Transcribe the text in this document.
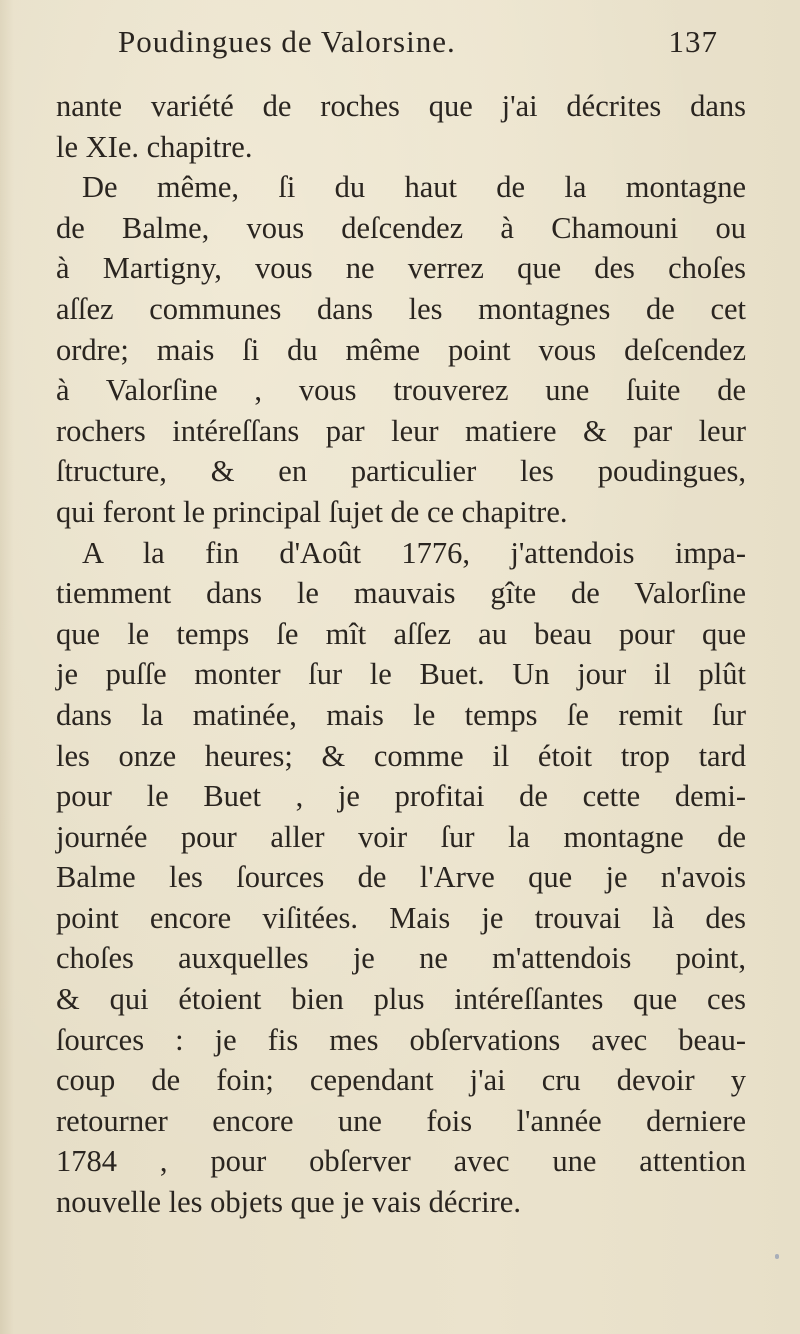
Poudingues de Valorsine.	137
nante variété de roches que j'ai décrites dans
le XIe. chapitre.
De même, ſi du haut de la montagne
de Balme, vous deſcendez à Chamouni ou
à Martigny, vous ne verrez que des choſes
aſſez communes dans les montagnes de cet
ordre; mais ſi du même point vous deſcendez
à Valorſine , vous trouverez une ſuite de
rochers intéreſſans par leur matiere & par leur
ſtructure, & en particulier les poudingues,
qui feront le principal ſujet de ce chapitre.
A la fin d'Août 1776, j'attendois impa-
tiemment dans le mauvais gîte de Valorſine
que le temps ſe mît aſſez au beau pour que
je puſſe monter ſur le Buet. Un jour il plût
dans la matinée, mais le temps ſe remit ſur
les onze heures; & comme il étoit trop tard
pour le Buet , je profitai de cette demi-
journée pour aller voir ſur la montagne de
Balme les ſources de l'Arve que je n'avois
point encore viſitées. Mais je trouvai là des
choſes auxquelles je ne m'attendois point,
& qui étoient bien plus intéreſſantes que ces
ſources : je fis mes obſervations avec beau-
coup de foin; cependant j'ai cru devoir y
retourner encore une fois l'année derniere
1784 , pour obſerver avec une attention
nouvelle les objets que je vais décrire.
